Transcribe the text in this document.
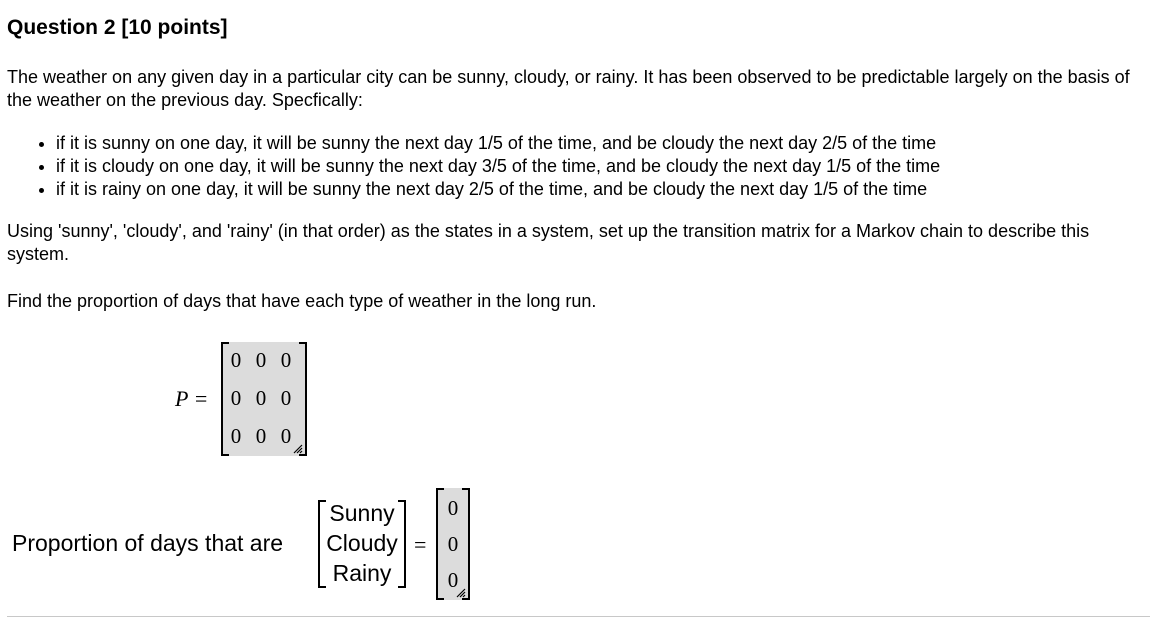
Question 2 [10 points]
The weather on any given day in a particular city can be sunny, cloudy, or rainy. It has been observed to be predictable largely on the basis of the weather on the previous day. Specfically:
• if it is sunny on one day, it will be sunny the next day 1/5 of the time, and be cloudy the next day 2/5 of the time
• if it is cloudy on one day, it will be sunny the next day 3/5 of the time, and be cloudy the next day 1/5 of the time
• if it is rainy on one day, it will be sunny the next day 2/5 of the time, and be cloudy the next day 1/5 of the time
Using 'sunny', 'cloudy', and 'rainy' (in that order) as the states in a system, set up the transition matrix for a Markov chain to describe this system.
Find the proportion of days that have each type of weather in the long run.
P =
0 0 0
0 0 0
0 0 0
Proportion of days that are
Sunny
Cloudy
Rainy
=
0
0
0
